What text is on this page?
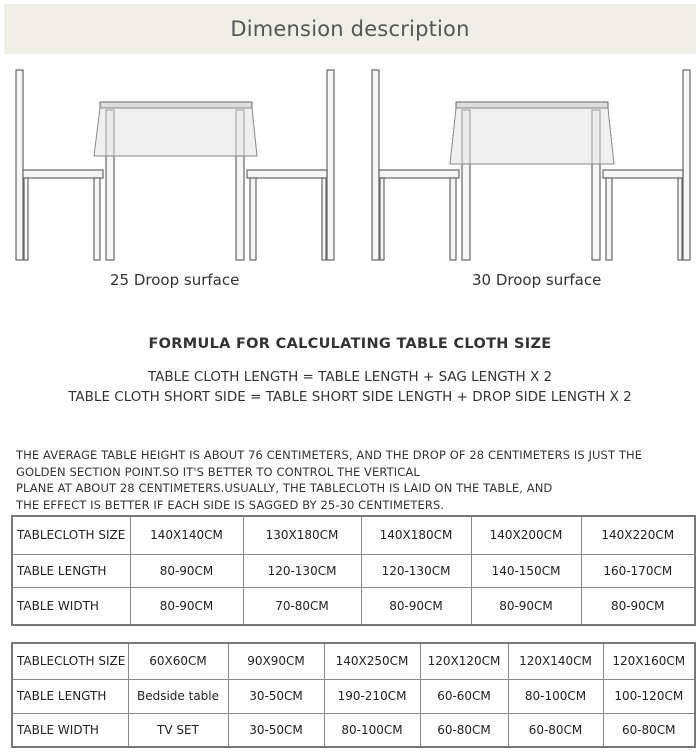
Dimension description
25 Droop surface	30 Droop surface
FORMULA FOR CALCULATING TABLE CLOTH SIZE
TABLE CLOTH LENGTH = TABLE LENGTH + SAG LENGTH X 2
TABLE CLOTH SHORT SIDE = TABLE SHORT SIDE LENGTH + DROP SIDE LENGTH X 2
THE AVERAGE TABLE HEIGHT IS ABOUT 76 CENTIMETERS, AND THE DROP OF 28 CENTIMETERS IS JUST THE
GOLDEN SECTION POINT.SO IT'S BETTER TO CONTROL THE VERTICAL
PLANE AT ABOUT 28 CENTIMETERS.USUALLY, THE TABLECLOTH IS LAID ON THE TABLE, AND
THE EFFECT IS BETTER IF EACH SIDE IS SAGGED BY 25-30 CENTIMETERS.
TABLECLOTH SIZE	140X140CM	130X180CM	140X180CM	140X200CM	140X220CM
TABLE LENGTH	80-90CM	120-130CM	120-130CM	140-150CM	160-170CM
TABLE WIDTH	80-90CM	70-80CM	80-90CM	80-90CM	80-90CM
TABLECLOTH SIZE	60X60CM	90X90CM	140X250CM	120X120CM	120X140CM	120X160CM
TABLE LENGTH	Bedside table	30-50CM	190-210CM	60-60CM	80-100CM	100-120CM
TABLE WIDTH	TV SET	30-50CM	80-100CM	60-80CM	60-80CM	60-80CM
